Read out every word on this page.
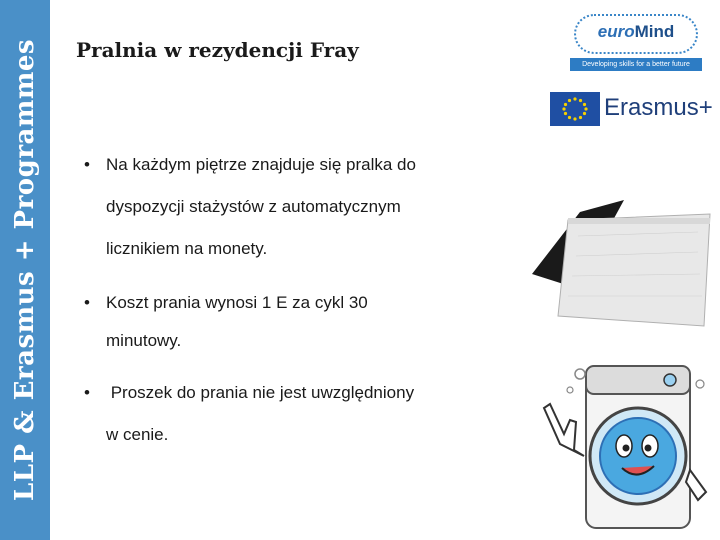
LLP & Erasmus + Programmes Pralnia w rezydencji Fray
• Na każdym piętrze znajduje się pralka do
dyspozycji stażystów z automatycznym
licznikiem na monety.
• Koszt prania wynosi 1 E za cykl 30
minutowy.
• Proszek do prania nie jest uwzględniony
w cenie.
euroMind
Developing skills for a better future
Erasmus+
